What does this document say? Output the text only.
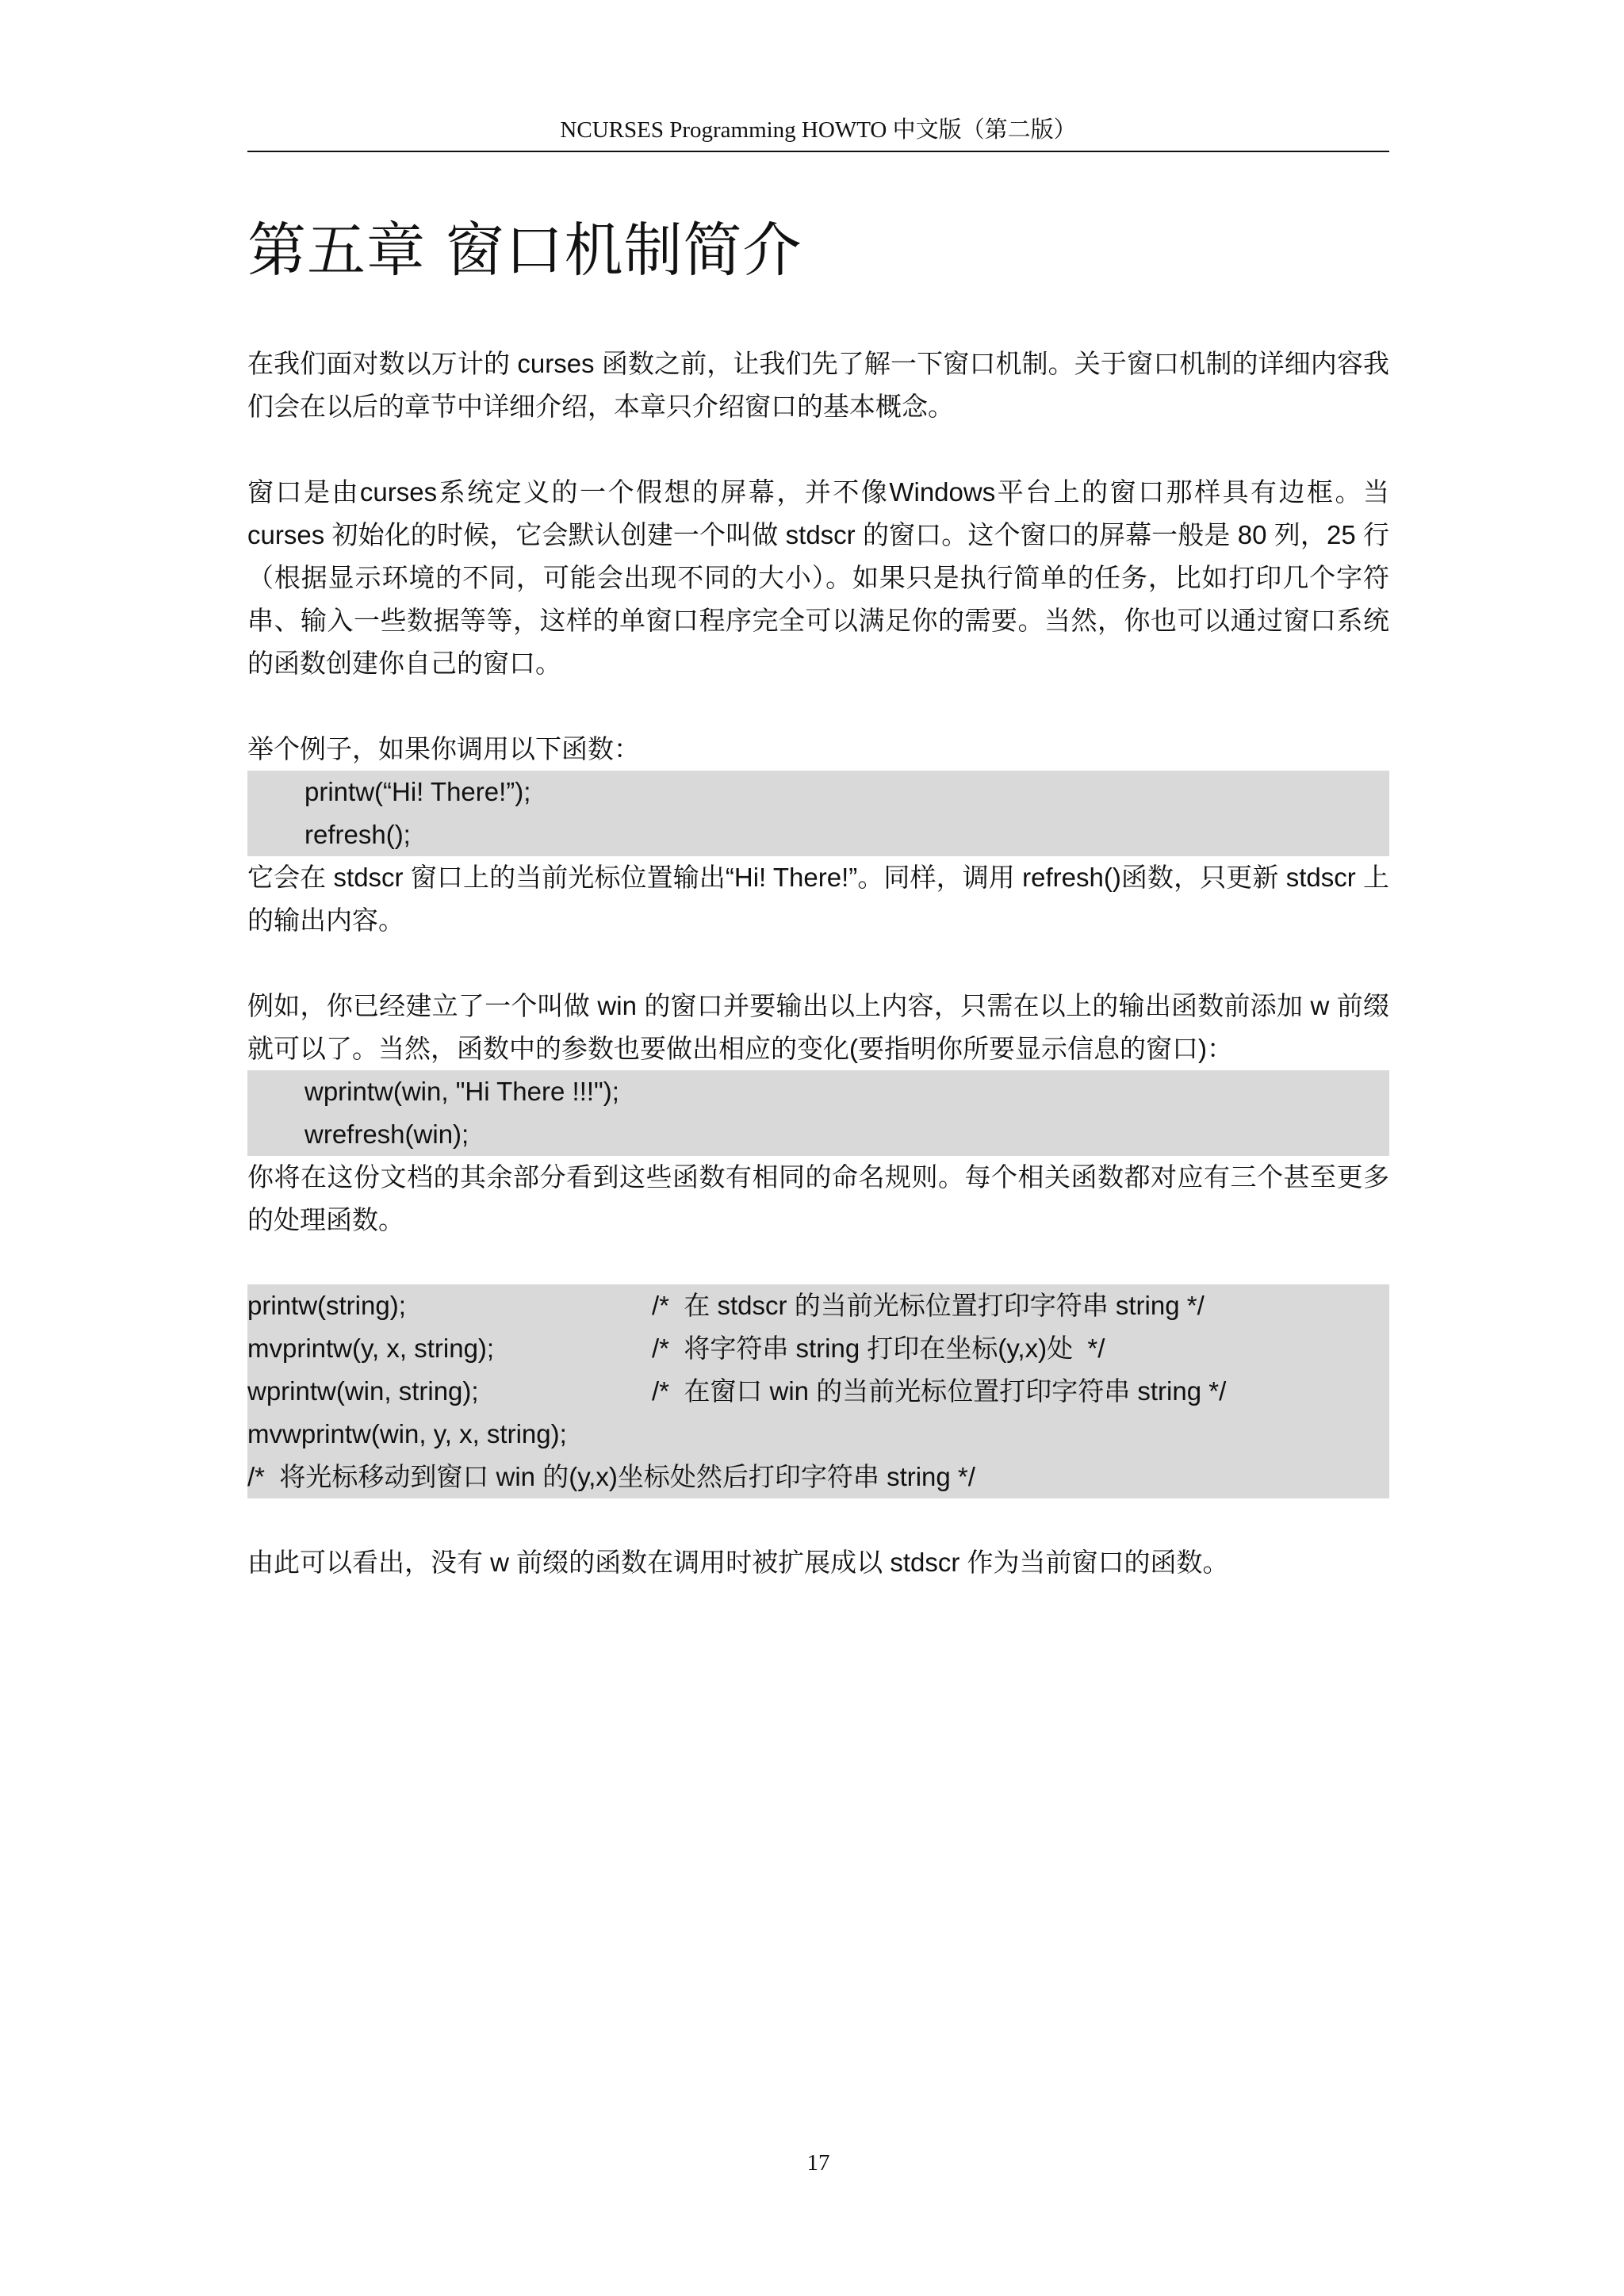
NCURSES Programming HOWTO 中文版（第二版）
第五章 窗口机制简介

在我们面对数以万计的 curses 函数之前，让我们先了解一下窗口机制。关于窗口机制的详细内容我们会在以后的章节中详细介绍，本章只介绍窗口的基本概念。

窗口是由curses系统定义的一个假想的屏幕，并不像Windows平台上的窗口那样具有边框。当 curses 初始化的时候，它会默认创建一个叫做 stdscr 的窗口。这个窗口的屏幕一般是 80 列，25 行（根据显示环境的不同，可能会出现不同的大小）。如果只是执行简单的任务，比如打印几个字符串、输入一些数据等等，这样的单窗口程序完全可以满足你的需要。当然，你也可以通过窗口系统的函数创建你自己的窗口。

举个例子，如果你调用以下函数：

printw(“Hi! There!”);
refresh();

它会在 stdscr 窗口上的当前光标位置输出“Hi! There!”。同样，调用 refresh()函数，只更新 stdscr 上的输出内容。

例如，你已经建立了一个叫做 win 的窗口并要输出以上内容，只需在以上的输出函数前添加 w 前缀就可以了。当然，函数中的参数也要做出相应的变化(要指明你所要显示信息的窗口)：

wprintw(win, "Hi There !!!");
wrefresh(win);

你将在这份文档的其余部分看到这些函数有相同的命名规则。每个相关函数都对应有三个甚至更多的处理函数。

printw(string);	/*  在 stdscr 的当前光标位置打印字符串 string */
mvprintw(y, x, string);	/*  将字符串 string 打印在坐标(y,x)处  */
wprintw(win, string);	/*  在窗口 win 的当前光标位置打印字符串 string */
mvwprintw(win, y, x, string);
/*  将光标移动到窗口 win 的(y,x)坐标处然后打印字符串 string */

由此可以看出，没有 w 前缀的函数在调用时被扩展成以 stdscr 作为当前窗口的函数。

17
